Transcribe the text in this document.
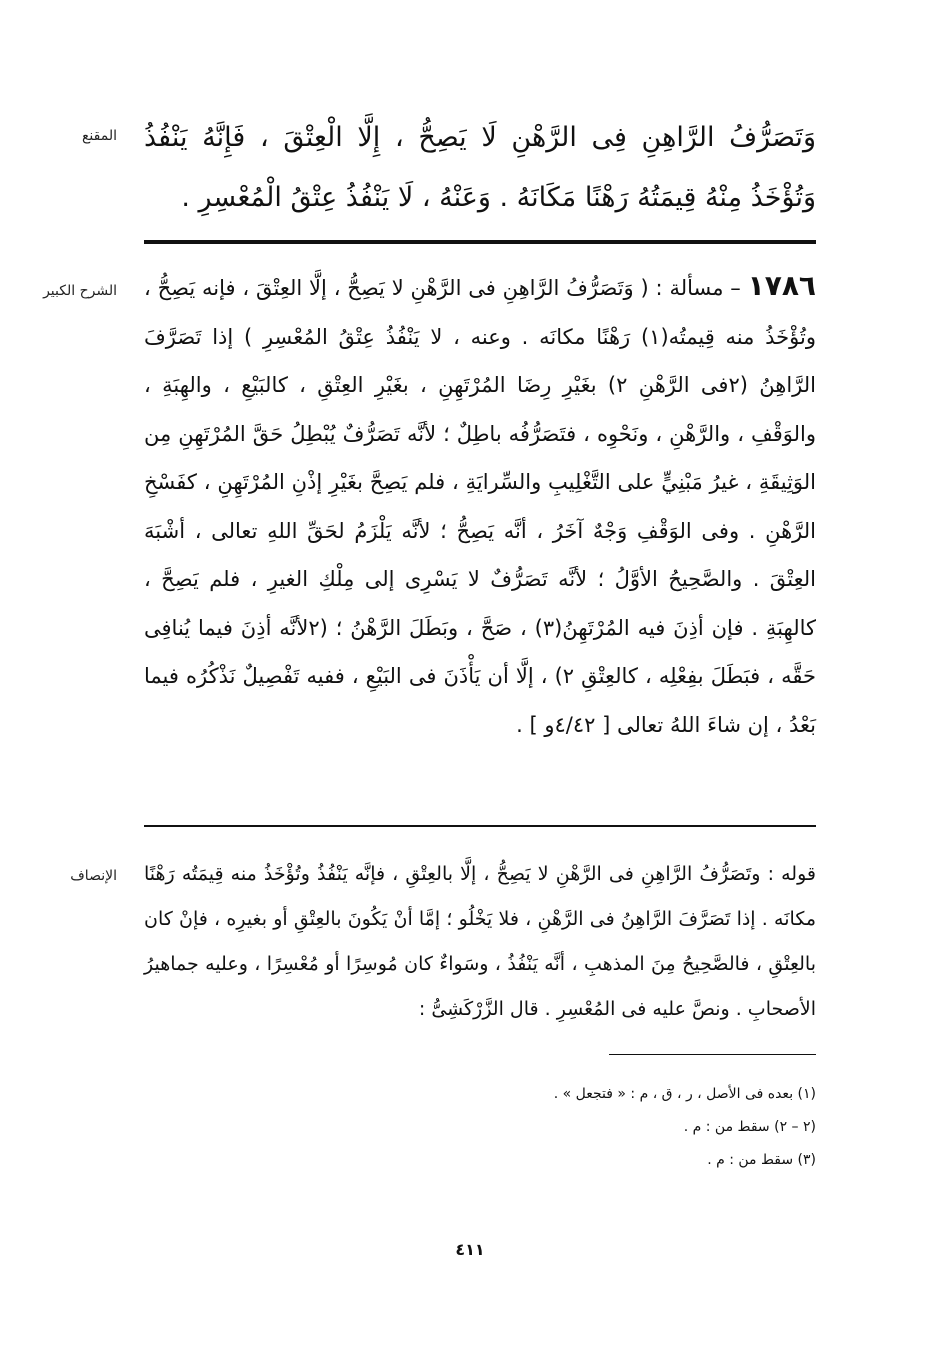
المقنع وَتَصَرُّفُ الرَّاهِنِ فِى الرَّهْنِ لَا يَصِحُّ ، إِلَّا الْعِتْقَ ، فَإِنَّهُ يَنْفُذُ وَتُؤْخَذُ مِنْهُ قِيمَتُهُ رَهْنًا مَكَانَهُ . وَعَنْهُ ، لَا يَنْفُذُ عِتْقُ الْمُعْسِرِ .

الشرح الكبير	١٧٨٦ – مسألة : ( وَتَصَرُّفُ الرَّاهِنِ فى الرَّهْنِ لا يَصِحُّ ، إلَّا العِتْقَ ، فإنه يَصِحُّ ، وتُؤْخَذُ منه قِيمتُه(١) رَهْنًا مكانَه . وعنه ، لا يَنْفُذُ عِتْقُ المُعْسِرِ ) إذا تَصَرَّفَ الرَّاهِنُ (٢فى الرَّهْنِ ٢) بغَيْرِ رِضَا المُرْتَهِنِ ، بغَيْرِ العِتْقِ ، كالبَيْعِ ، والهِبَةِ ، والوَقْفِ ، والرَّهْنِ ، ونَحْوِه ، فتَصَرُّفُه باطِلٌ ؛ لأنَّه تَصَرُّفٌ يُبْطِلُ حَقَّ المُرْتَهِنِ مِن الوَثِيقَةِ ، غيرُ مَبْنِيٍّ على التَّغْلِيبِ والسِّرايَةِ ، فلم يَصِحَّ بغَيْرِ إذْنِ المُرْتَهِنِ ، كفَسْخِ الرَّهْنِ . وفى الوَقْفِ وَجْهٌ آخَرُ ، أنَّه يَصِحُّ ؛ لأنَّه يَلْزَمُ لحَقِّ اللهِ تعالى ، أشْبَهَ العِتْقَ . والصَّحِيحُ الأوَّلُ ؛ لأنَّه تَصَرُّفٌ لا يَسْرِى إلى مِلْكِ الغيرِ ، فلم يَصِحَّ ، كالهِبَةِ . فإن أذِنَ فيه المُرْتَهِنُ(٣) ، صَحَّ ، وبَطَلَ الرَّهْنُ ؛ (٢لأنَّه أذِنَ فيما يُنافِى حَقَّه ، فبَطَلَ بفِعْلِه ، كالعِتْقِ ٢) ، إلَّا أن يَأْذَنَ فى البَيْعِ ، ففيه تَفْصِيلٌ نَذْكُرُه فيما بَعْدُ ، إن شاءَ اللهُ تعالى [ ٤/٤٢و ] .

الإنصاف قوله : وتَصَرُّفُ الرَّاهِنِ فى الرَّهْنِ لا يَصِحُّ ، إلَّا بالعِتْقِ ، فإنَّه يَنْفُذُ وتُؤْخَذُ منه قِيمَتُه رَهْنًا مكانَه . إذا تَصَرَّفَ الرَّاهِنُ فى الرَّهْنِ ، فلا يَخْلُو ؛ إمَّا أنْ يَكُونَ بالعِتْقِ أو بغيرِه ، فإنْ كان بالعِتْقِ ، فالصَّحِيحُ مِنَ المذهبِ ، أنَّه يَنْفُذُ ، وسَواءٌ كان مُوسِرًا أو مُعْسِرًا ، وعليه جماهيرُ الأصحابِ . ونصَّ عليه فى المُعْسِرِ . قال الزَّرْكَشِىُّ :

(١) بعده فى الأصل ، ر ، ق ، م : « فتجعل » .
(٢ – ٢) سقط من : م .
(٣) سقط من : م .
٤١١
